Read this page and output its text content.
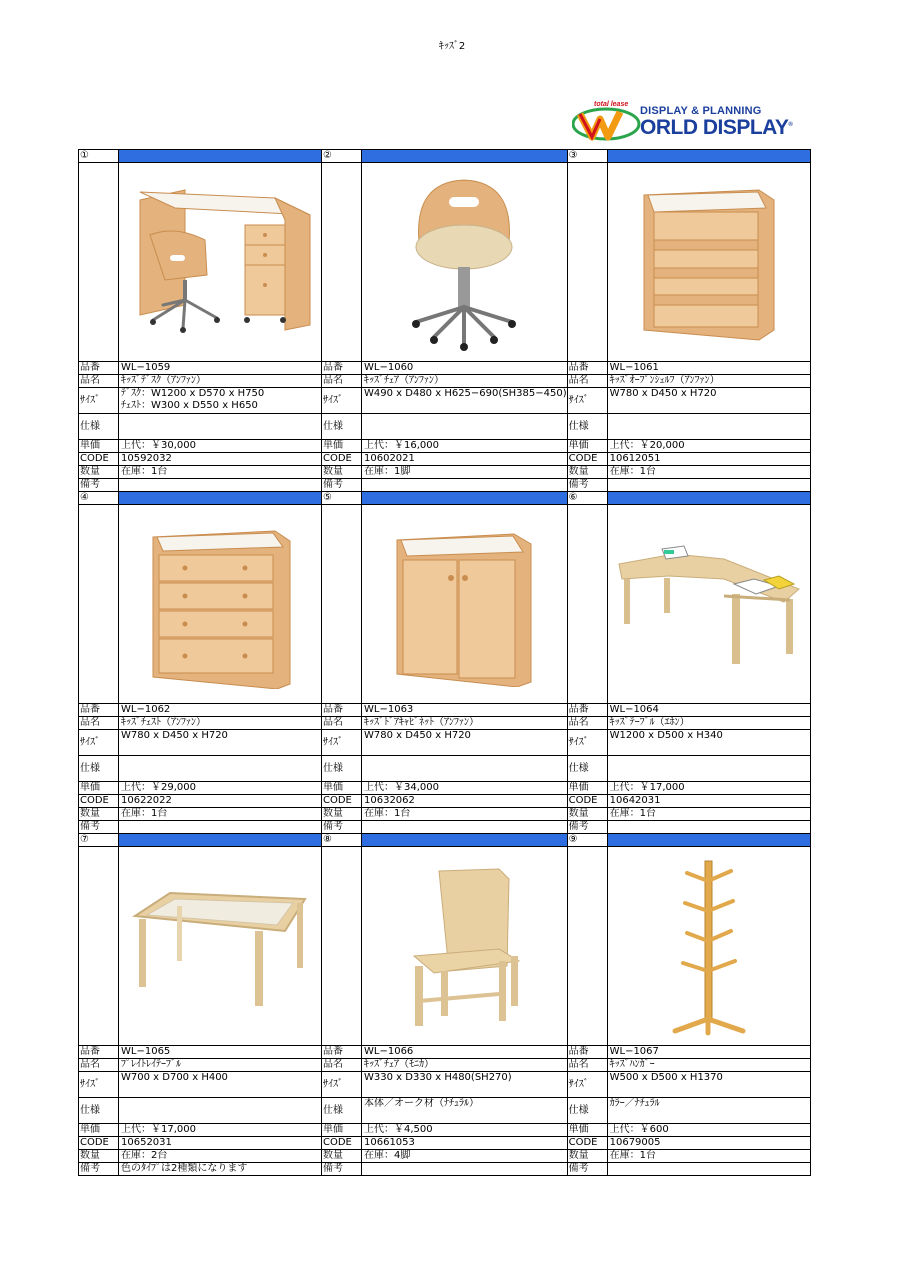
ｷｯｽﾞ2
total lease
DISPLAY & PLANNING
ORLD DISPLAY®
①		②		③	

品番	WL−1059	品番	WL−1060	品番	WL−1061
品名	ｷｯｽﾞﾃﾞｽｸ（ｱﾝﾌｧﾝ）	品名	ｷｯｽﾞﾁｪｱ（ｱﾝﾌｧﾝ）	品名	ｷｯｽﾞｵｰﾌﾟﾝｼｪﾙﾌ（ｱﾝﾌｧﾝ）
ｻｲｽﾞ	ﾃﾞｽｸ：W1200 x D570 x H750
ﾁｪｽﾄ：W300 x D550 x H650	ｻｲｽﾞ	W490 x D480 x H625−690(SH385−450)	ｻｲｽﾞ	W780 x D450 x H720

仕様		仕様		仕様	
単価	上代：￥30,000	単価	上代：￥16,000	単価	上代：￥20,000
CODE	10592032	CODE	10602021	CODE	10612051
数量	在庫：1台	数量	在庫：1脚	数量	在庫：1台
備考		備考		備考	
④		⑤		⑥	

品番	WL−1062	品番	WL−1063	品番	WL−1064
品名	ｷｯｽﾞﾁｪｽﾄ（ｱﾝﾌｧﾝ）	品名	ｷｯｽﾞﾄﾞｱｷｬﾋﾞﾈｯﾄ（ｱﾝﾌｧﾝ）	品名	ｷｯｽﾞﾃｰﾌﾞﾙ（ｴﾎﾝ）
ｻｲｽﾞ	W780 x D450 x H720	ｻｲｽﾞ	W780 x D450 x H720	ｻｲｽﾞ	W1200 x D500 x H340

仕様		仕様		仕様	
単価	上代：￥29,000	単価	上代：￥34,000	単価	上代：￥17,000
CODE	10622022	CODE	10632062	CODE	10642031
数量	在庫：1台	数量	在庫：1台	数量	在庫：1台
備考		備考		備考	
⑦		⑧		⑨	

品番	WL−1065	品番	WL−1066	品番	WL−1067
品名	ﾌﾟﾚｲﾄﾚｲﾃｰﾌﾞﾙ	品名	ｷｯｽﾞﾁｪｱ（ﾓﾆｶ）	品名	ｷｯｽﾞﾊﾝｶﾞｰ
ｻｲｽﾞ	W700 x D700 x H400	ｻｲｽﾞ	W330 x D330 x H480(SH270)	ｻｲｽﾞ	W500 x D500 x H1370

仕様		仕様	本体／オーク材（ﾅﾁｭﾗﾙ）	仕様	ｶﾗｰ／ﾅﾁｭﾗﾙ
単価	上代：￥17,000	単価	上代：￥4,500	単価	上代：￥600
CODE	10652031	CODE	10661053	CODE	10679005
数量	在庫：2台	数量	在庫：4脚	数量	在庫：1台
備考	色のﾀｲﾌﾟは2種類になります	備考		備考	
